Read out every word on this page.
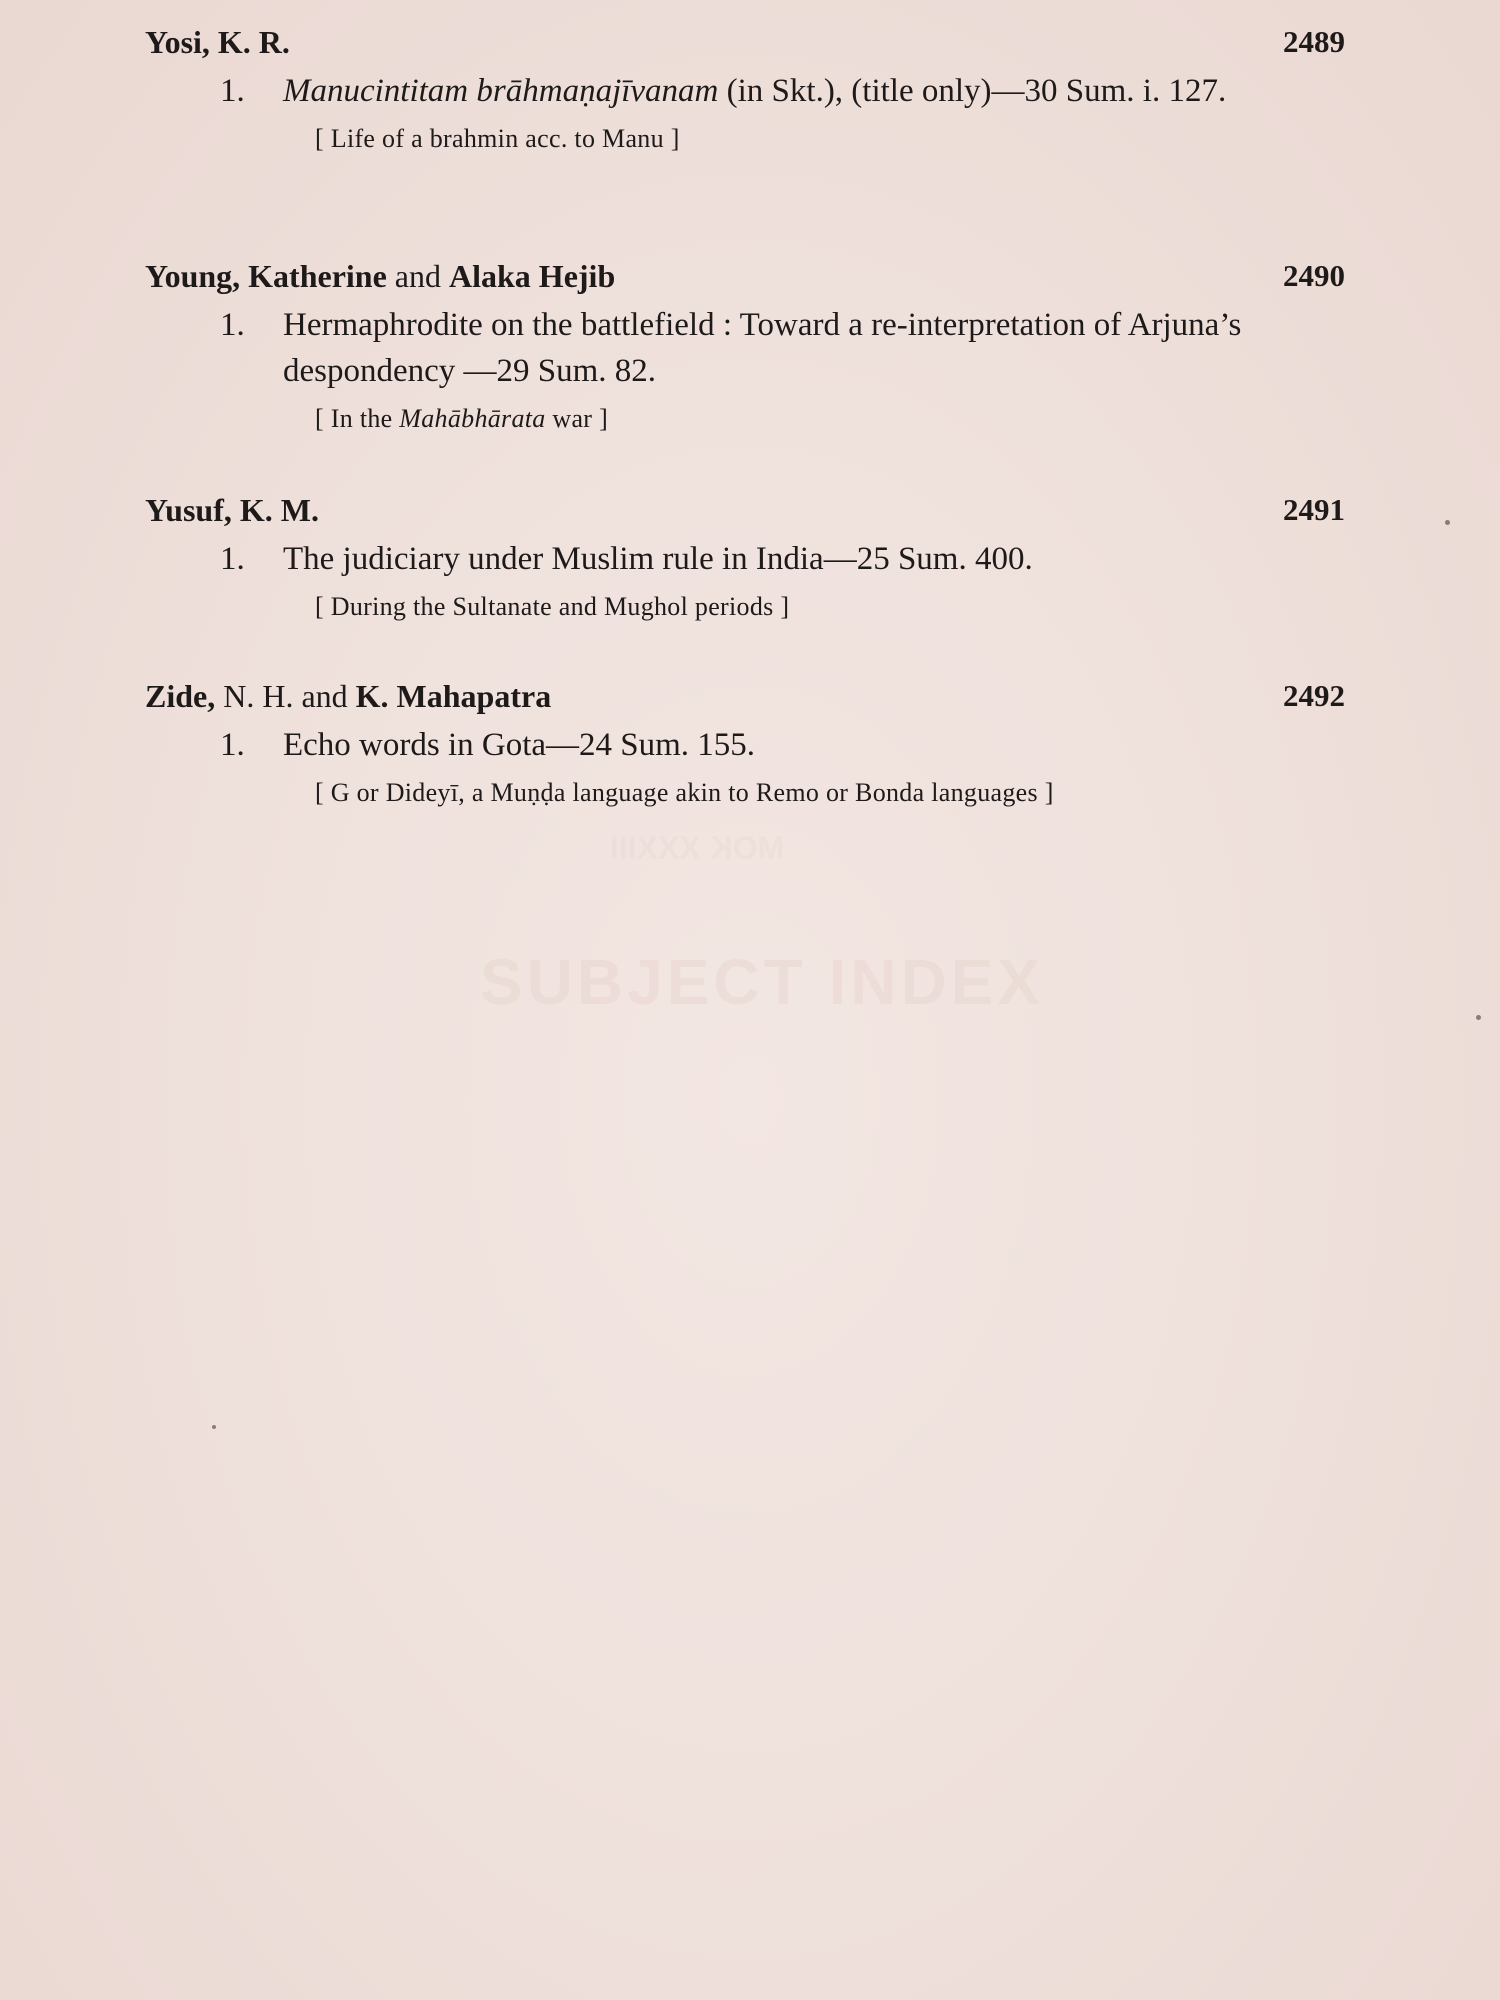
Yosi, K. R.	2489
1. Manucintitam brāhmaṇajīvanam (in Skt.), (title only)—30 Sum. i. 127.
[ Life of a brahmin acc. to Manu ]
Young, Katherine and Alaka Hejib	2490
1. Hermaphrodite on the battlefield : Toward a re-interpretation of Arjuna’s despondency —29 Sum. 82.
[ In the Mahābhārata war ]
Yusuf, K. M.	2491
1. The judiciary under Muslim rule in India—25 Sum. 400.
[ During the Sultanate and Mughol periods ]
Zide, N. H. and K. Mahapatra	2492
1. Echo words in Gota—24 Sum. 155.
[ G or Dideyī, a Muṇḍa language akin to Remo or Bonda languages ]
MOK XXXIII
SUBJECT INDEX
